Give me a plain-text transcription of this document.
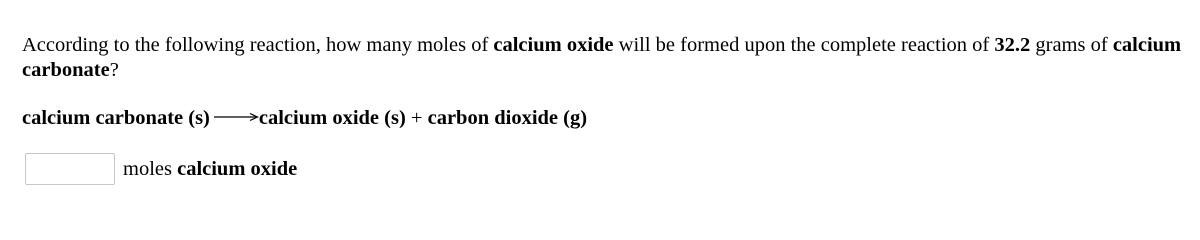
According to the following reaction, how many moles of calcium oxide will be formed upon the complete reaction of 32.2 grams of calcium carbonate?
calcium carbonate (s) →calcium oxide (s) + carbon dioxide (g)
moles calcium oxide
